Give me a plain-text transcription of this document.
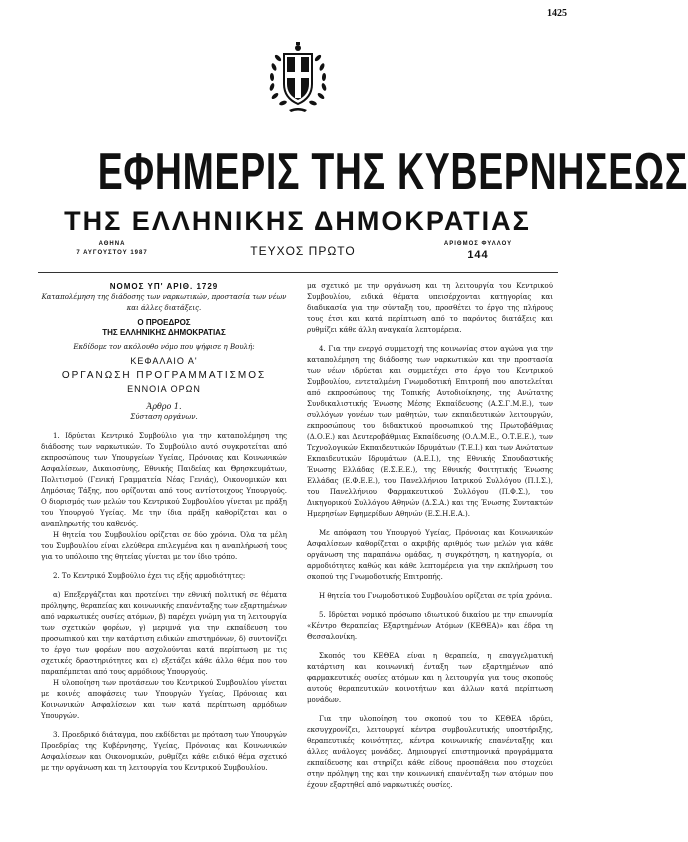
1425
ΕΦΗΜΕΡΙΣ ΤΗΣ ΚΥΒΕΡΝΗΣΕΩΣ
ΤΗΣ ΕΛΛΗΝΙΚΗΣ ΔΗΜΟΚΡΑΤΙΑΣ
ΑΘΗΝΑ
7 ΑΥΓΟΥΣΤΟΥ 1987	ΤΕΥΧΟΣ ΠΡΩΤΟ	ΑΡΙΘΜΟΣ ΦΥΛΛΟΥ
144

ΝΟΜΟΣ ΥΠ' ΑΡΙΘ. 1729

Καταπολέμηση της διάδοσης των ναρκωτικών, προστασία των νέων και άλλες διατάξεις.

Ο ΠΡΟΕΔΡΟΣ

ΤΗΣ ΕΛΛΗΝΙΚΗΣ ΔΗΜΟΚΡΑΤΙΑΣ

Εκδίδομε τον ακόλουθο νόμο που ψήφισε η Βουλή:

ΚΕΦΑΛΑΙΟ Α'

ΟΡΓΑΝΩΣΗ ΠΡΟΓΡΑΜΜΑΤΙΣΜΟΣ

ΕΝΝΟΙΑ ΟΡΩΝ

Άρθρο 1.

Σύσταση οργάνων.

1. Ιδρύεται Κεντρικό Συμβούλιο για την καταπολέμηση της διάδοσης των ναρκωτικών. Το Συμβούλιο αυτό συγκροτείται από εκπροσώπους των Υπουργείων Υγείας, Πρόνοιας και Κοινωνικών Ασφαλίσεων, Δικαιοσύνης, Εθνικής Παιδείας και Θρησκευμάτων, Πολιτισμού (Γενική Γραμματεία Νέας Γενιάς), Οικονομικών και Δημόσιας Τάξης, που ορίζονται από τους αντίστοιχους Υπουργούς. Ο διορισμός των μελών του Κεντρικού Συμβουλίου γίνεται με πράξη του Υπουργού Υγείας. Με την ίδια πράξη καθορίζεται και ο αναπληρωτής του καθενός.

Η θητεία του Συμβουλίου ορίζεται σε δύο χρόνια. Όλα τα μέλη του Συμβουλίου είναι ελεύθερα επιλεγμένα και η αναπλήρωσή τους για το υπόλοιπο της θητείας γίνεται με τον ίδιο τρόπο.

2. Το Κεντρικό Συμβούλιο έχει τις εξής αρμοδιότητες:

α) Επεξεργάζεται και προτείνει την εθνική πολιτική σε θέματα πρόληψης, θεραπείας και κοινωνικής επανένταξης των εξαρτημένων από ναρκωτικές ουσίες ατόμων, β) παρέχει γνώμη για τη λειτουργία των σχετικών φορέων, γ) μεριμνά για την εκπαίδευση του προσωπικού και την κατάρτιση ειδικών επιστημόνων, δ) συντονίζει το έργο των φορέων που ασχολούνται κατά περίπτωση με τις σχετικές δραστηριότητες και ε) εξετάζει κάθε άλλο θέμα που του παραπέμπεται από τους αρμόδιους Υπουργούς.

Η υλοποίηση των προτάσεων του Κεντρικού Συμβουλίου γίνεται με κοινές αποφάσεις των Υπουργών Υγείας, Πρόνοιας και Κοινωνικών Ασφαλίσεων και των κατά περίπτωση αρμόδιων Υπουργών.

3. Προεδρικό διάταγμα, που εκδίδεται με πρόταση των Υπουργών Προεδρίας της Κυβέρνησης, Υγείας, Πρόνοιας και Κοινωνικών Ασφαλίσεων και Οικονομικών, ρυθμίζει κάθε ειδικό θέμα σχετικό με την οργάνωση και τη λειτουργία του Κεντρικού Συμβουλίου.

μα σχετικό με την οργάνωση και τη λειτουργία του Κεντρικού Συμβουλίου, ειδικά θέματα υπεισέρχονται κατηγορίας και διαδικασία για την σύνταξη του, προσθέτει το έργο της πλήρους τους έτσι και κατά περίπτωση από το παρόντος διατάξεις και ρυθμίζει κάθε άλλη αναγκαία λεπτομέρεια.

4. Για την ενεργό συμμετοχή της κοινωνίας στον αγώνα για την καταπολέμηση της διάδοσης των ναρκωτικών και την προστασία των νέων ιδρύεται και συμμετέχει στο έργο του Κεντρικού Συμβουλίου, εντεταλμένη Γνωμοδοτική Επιτροπή που αποτελείται από εκπροσώπους της Τοπικής Αυτοδιοίκησης, της Ανώτατης Συνδικαλιστικής Ένωσης Μέσης Εκπαίδευσης (Α.Σ.Γ.Μ.Ε.), των συλλόγων γονέων των μαθητών, των εκπαιδευτικών λειτουργών, εκπροσώπους του διδακτικού προσωπικού της Πρωτοβάθμιας (Δ.Ο.Ε.) και Δευτεροβάθμιας Εκπαίδευσης (Ο.Λ.Μ.Ε., Ο.Τ.Ε.Ε.), των Τεχνολογικών Εκπαιδευτικών Ιδρυμάτων (Τ.Ε.Ι.) και των Ανώτατων Εκπαιδευτικών Ιδρυμάτων (Α.Ε.Ι.), της Εθνικής Σπουδαστικής Ένωσης Ελλάδας (Ε.Σ.Ε.Ε.), της Εθνικής Φοιτητικής Ένωσης Ελλάδας (Ε.Φ.Ε.Ε.), του Πανελλήνιου Ιατρικού Συλλόγου (Π.Ι.Σ.), του Πανελλήνιου Φαρμακευτικού Συλλόγου (Π.Φ.Σ.), του Δικηγορικού Συλλόγου Αθηνών (Δ.Σ.Α.) και της Ένωσης Συντακτών Ημερησίων Εφημερίδων Αθηνών (Ε.Σ.Η.Ε.Α.).

Με απόφαση του Υπουργού Υγείας, Πρόνοιας και Κοινωνικών Ασφαλίσεων καθορίζεται ο ακριβής αριθμός των μελών για κάθε οργάνωση της παραπάνω ομάδας, η συγκρότηση, η κατηγορία, οι αρμοδιότητες καθώς και κάθε λεπτομέρεια για την εκπλήρωση του σκοπού της Γνωμοδοτικής Επιτροπής.

Η θητεία του Γνωμοδοτικού Συμβουλίου ορίζεται σε τρία χρόνια.

5. Ιδρύεται νομικό πρόσωπο ιδιωτικού δικαίου με την επωνυμία «Κέντρο Θεραπείας Εξαρτημένων Ατόμων (ΚΕΘΕΑ)» και έδρα τη Θεσσαλονίκη.

Σκοπός του ΚΕΘΕΑ είναι η θεραπεία, η επαγγελματική κατάρτιση και κοινωνική ένταξη των εξαρτημένων από φαρμακευτικές ουσίες ατόμων και η λειτουργία για τους σκοπούς αυτούς θεραπευτικών κοινοτήτων και άλλων κατά περίπτωση μονάδων.

Για την υλοποίηση του σκοπού του το ΚΕΘΕΑ ιδρύει, εκσυγχρονίζει, λειτουργεί κέντρα συμβουλευτικής υποστήριξης, θεραπευτικές κοινότητες, κέντρα κοινωνικής επανένταξης και άλλες ανάλογες μονάδες. Δημιουργεί επιστημονικά προγράμματα εκπαίδευσης και στηρίζει κάθε είδους προσπάθεια που στοχεύει στην πρόληψη της και την κοινωνική επανένταξη των ατόμων που έχουν εξαρτηθεί από ναρκωτικές ουσίες.
